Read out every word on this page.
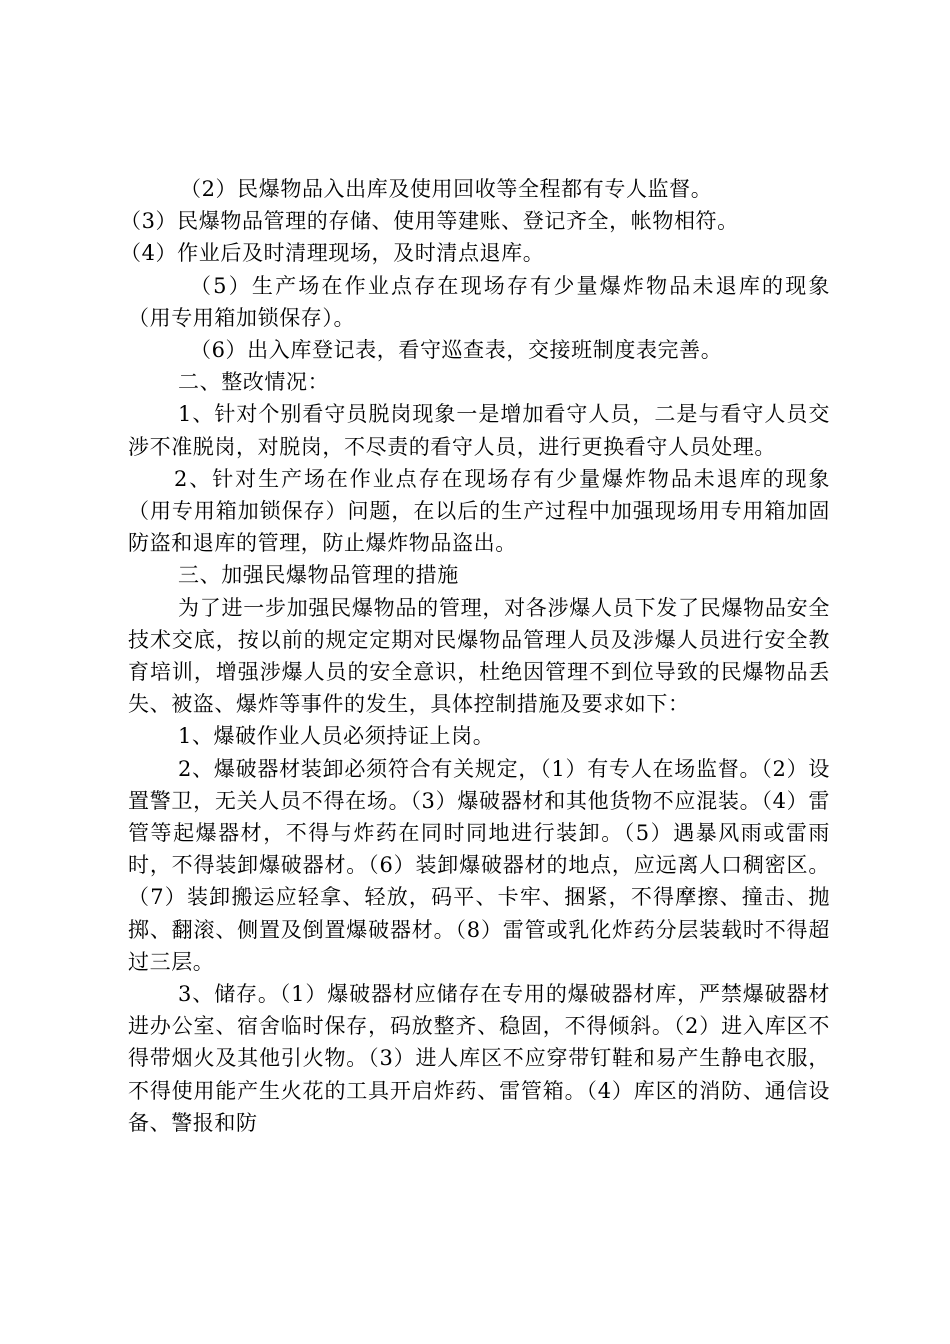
（2）民爆物品入出库及使用回收等全程都有专人监督。

（3）民爆物品管理的存储、使用等建账、登记齐全，帐物相符。

（4）作业后及时清理现场，及时清点退库。

（5）生产场在作业点存在现场存有少量爆炸物品未退库的现象（用专用箱加锁保存）。

（6）出入库登记表，看守巡查表，交接班制度表完善。

二、整改情况：

1、针对个别看守员脱岗现象一是增加看守人员，二是与看守人员交涉不准脱岗，对脱岗，不尽责的看守人员，进行更换看守人员处理。

2、针对生产场在作业点存在现场存有少量爆炸物品未退库的现象（用专用箱加锁保存）问题，在以后的生产过程中加强现场用专用箱加固防盗和退库的管理，防止爆炸物品盗出。

三、加强民爆物品管理的措施

为了进一步加强民爆物品的管理，对各涉爆人员下发了民爆物品安全技术交底，按以前的规定定期对民爆物品管理人员及涉爆人员进行安全教育培训，增强涉爆人员的安全意识，杜绝因管理不到位导致的民爆物品丢失、被盗、爆炸等事件的发生，具体控制措施及要求如下：

1、爆破作业人员必须持证上岗。

2、爆破器材装卸必须符合有关规定，（1）有专人在场监督。（2）设置警卫，无关人员不得在场。（3）爆破器材和其他货物不应混装。（4）雷管等起爆器材，不得与炸药在同时同地进行装卸。（5）遇暴风雨或雷雨时，不得装卸爆破器材。（6）装卸爆破器材的地点，应远离人口稠密区。（7）装卸搬运应轻拿、轻放，码平、卡牢、捆紧，不得摩擦、撞击、抛掷、翻滚、侧置及倒置爆破器材。（8）雷管或乳化炸药分层装载时不得超过三层。

3、储存。（1）爆破器材应储存在专用的爆破器材库，严禁爆破器材进办公室、宿舍临时保存，码放整齐、稳固，不得倾斜。（2）进入库区不得带烟火及其他引火物。（3）进人库区不应穿带钉鞋和易产生静电衣服，不得使用能产生火花的工具开启炸药、雷管箱。（4）库区的消防、通信设备、警报和防
